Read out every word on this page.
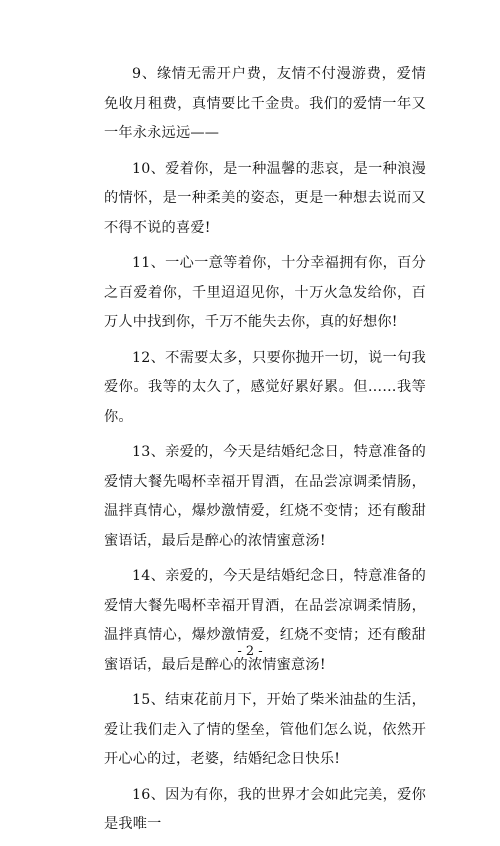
9、缘情无需开户费，友情不付漫游费，爱情免收月租费，真情要比千金贵。我们的爱情一年又一年永永远远——

10、爱着你，是一种温馨的悲哀，是一种浪漫的情怀，是一种柔美的姿态，更是一种想去说而又不得不说的喜爱!

11、一心一意等着你，十分幸福拥有你，百分之百爱着你，千里迢迢见你，十万火急发给你，百万人中找到你，千万不能失去你，真的好想你!

12、不需要太多，只要你抛开一切，说一句我爱你。我等的太久了，感觉好累好累。但……我等你。

13、亲爱的，今天是结婚纪念日，特意准备的爱情大餐先喝杯幸福开胃酒，在品尝凉调柔情肠，温拌真情心，爆炒激情爱，红烧不变情；还有酸甜蜜语话，最后是醉心的浓情蜜意汤!

14、亲爱的，今天是结婚纪念日，特意准备的爱情大餐先喝杯幸福开胃酒，在品尝凉调柔情肠，温拌真情心，爆炒激情爱，红烧不变情；还有酸甜蜜语话，最后是醉心的浓情蜜意汤!

15、结束花前月下，开始了柴米油盐的生活，爱让我们走入了情的堡垒，管他们怎么说，依然开开心心的过，老婆，结婚纪念日快乐!

16、因为有你，我的世界才会如此完美，爱你是我唯一

- 2 -
